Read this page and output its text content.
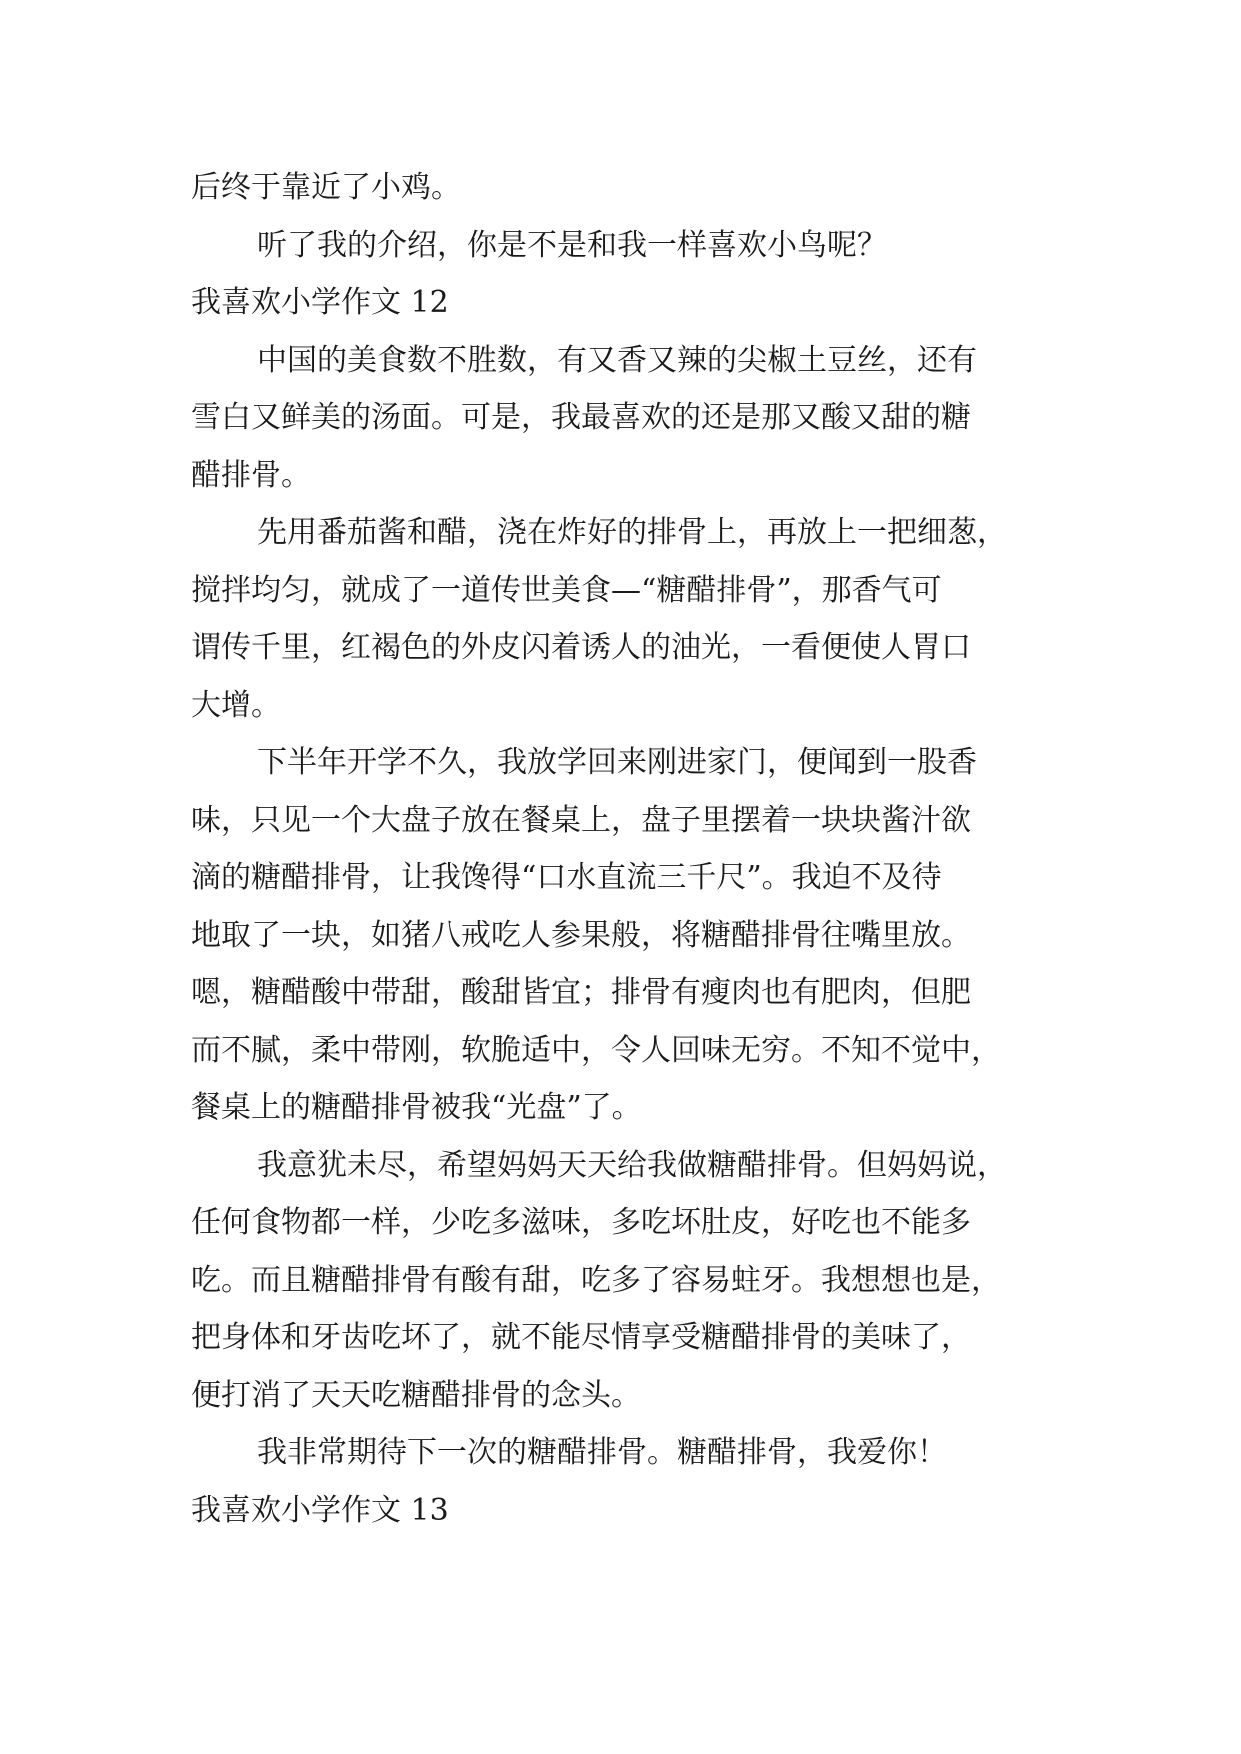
后终于靠近了小鸡。
听了我的介绍，你是不是和我一样喜欢小鸟呢？
我喜欢小学作文 12
中国的美食数不胜数，有又香又辣的尖椒土豆丝，还有
雪白又鲜美的汤面。可是，我最喜欢的还是那又酸又甜的糖
醋排骨。
先用番茄酱和醋，浇在炸好的排骨上，再放上一把细葱，
搅拌均匀，就成了一道传世美食—“糖醋排骨”，那香气可
谓传千里，红褐色的外皮闪着诱人的油光，一看便使人胃口
大增。
下半年开学不久，我放学回来刚进家门，便闻到一股香
味，只见一个大盘子放在餐桌上，盘子里摆着一块块酱汁欲
滴的糖醋排骨，让我馋得“口水直流三千尺”。我迫不及待
地取了一块，如猪八戒吃人参果般，将糖醋排骨往嘴里放。
嗯，糖醋酸中带甜，酸甜皆宜；排骨有瘦肉也有肥肉，但肥
而不腻，柔中带刚，软脆适中，令人回味无穷。不知不觉中，
餐桌上的糖醋排骨被我“光盘”了。
我意犹未尽，希望妈妈天天给我做糖醋排骨。但妈妈说，
任何食物都一样，少吃多滋味，多吃坏肚皮，好吃也不能多
吃。而且糖醋排骨有酸有甜，吃多了容易蛀牙。我想想也是，
把身体和牙齿吃坏了，就不能尽情享受糖醋排骨的美味了，
便打消了天天吃糖醋排骨的念头。
我非常期待下一次的糖醋排骨。糖醋排骨，我爱你！
我喜欢小学作文 13
